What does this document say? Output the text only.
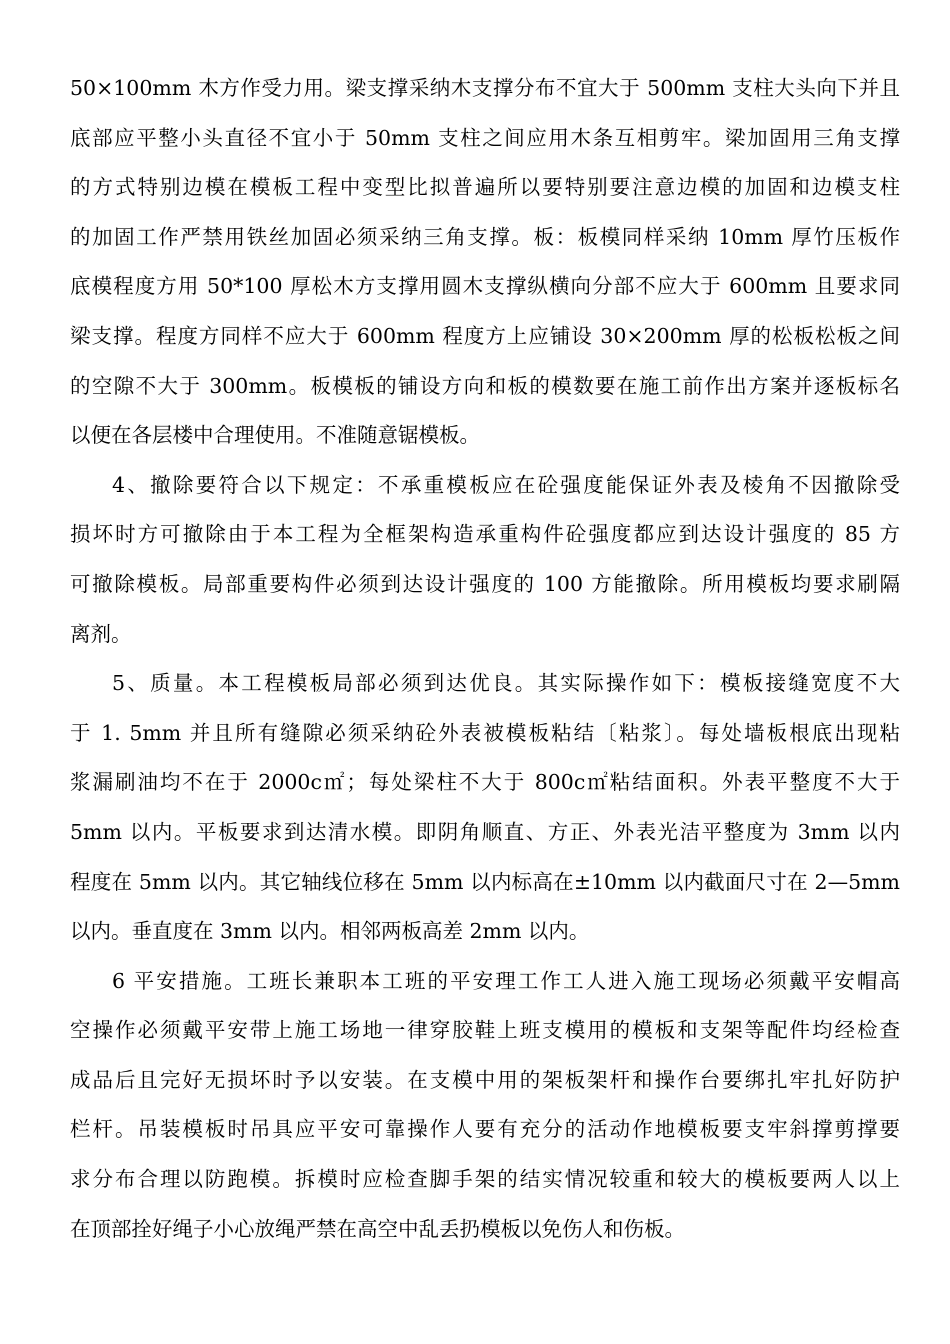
50×100mm 木方作受力用。梁支撑采纳木支撑分布不宜大于 500mm 支柱大头向下并且
底部应平整小头直径不宜小于 50mm 支柱之间应用木条互相剪牢。梁加固用三角支撑
的方式特别边模在模板工程中变型比拟普遍所以要特别要注意边模的加固和边模支柱
的加固工作严禁用铁丝加固必须采纳三角支撑。板：板模同样采纳 10mm 厚竹压板作
底模程度方用 50*100 厚松木方支撑用圆木支撑纵横向分部不应大于 600mm 且要求同
梁支撑。程度方同样不应大于 600mm 程度方上应铺设 30×200mm 厚的松板松板之间
的空隙不大于 300mm。板模板的铺设方向和板的模数要在施工前作出方案并逐板标名
以便在各层楼中合理使用。不准随意锯模板。
4、撤除要符合以下规定：不承重模板应在砼强度能保证外表及棱角不因撤除受
损坏时方可撤除由于本工程为全框架构造承重构件砼强度都应到达设计强度的 85 方
可撤除模板。局部重要构件必须到达设计强度的 100 方能撤除。所用模板均要求刷隔
离剂。
5、质量。本工程模板局部必须到达优良。其实际操作如下：模板接缝宽度不大
于 1. 5mm 并且所有缝隙必须采纳砼外表被模板粘结〔粘浆〕。每处墙板根底出现粘
浆漏刷油均不在于 2000c㎡；每处梁柱不大于 800c㎡粘结面积。外表平整度不大于
5mm 以内。平板要求到达清水模。即阴角顺直、方正、外表光洁平整度为 3mm 以内
程度在 5mm 以内。其它轴线位移在 5mm 以内标高在±10mm 以内截面尺寸在 2—5mm
以内。垂直度在 3mm 以内。相邻两板高差 2mm 以内。
6 平安措施。工班长兼职本工班的平安理工作工人进入施工现场必须戴平安帽高
空操作必须戴平安带上施工场地一律穿胶鞋上班支模用的模板和支架等配件均经检查
成品后且完好无损坏时予以安装。在支模中用的架板架杆和操作台要绑扎牢扎好防护
栏杆。吊装模板时吊具应平安可靠操作人要有充分的活动作地模板要支牢斜撑剪撑要
求分布合理以防跑模。拆模时应检查脚手架的结实情况较重和较大的模板要两人以上
在顶部拴好绳子小心放绳严禁在高空中乱丢扔模板以免伤人和伤板。
